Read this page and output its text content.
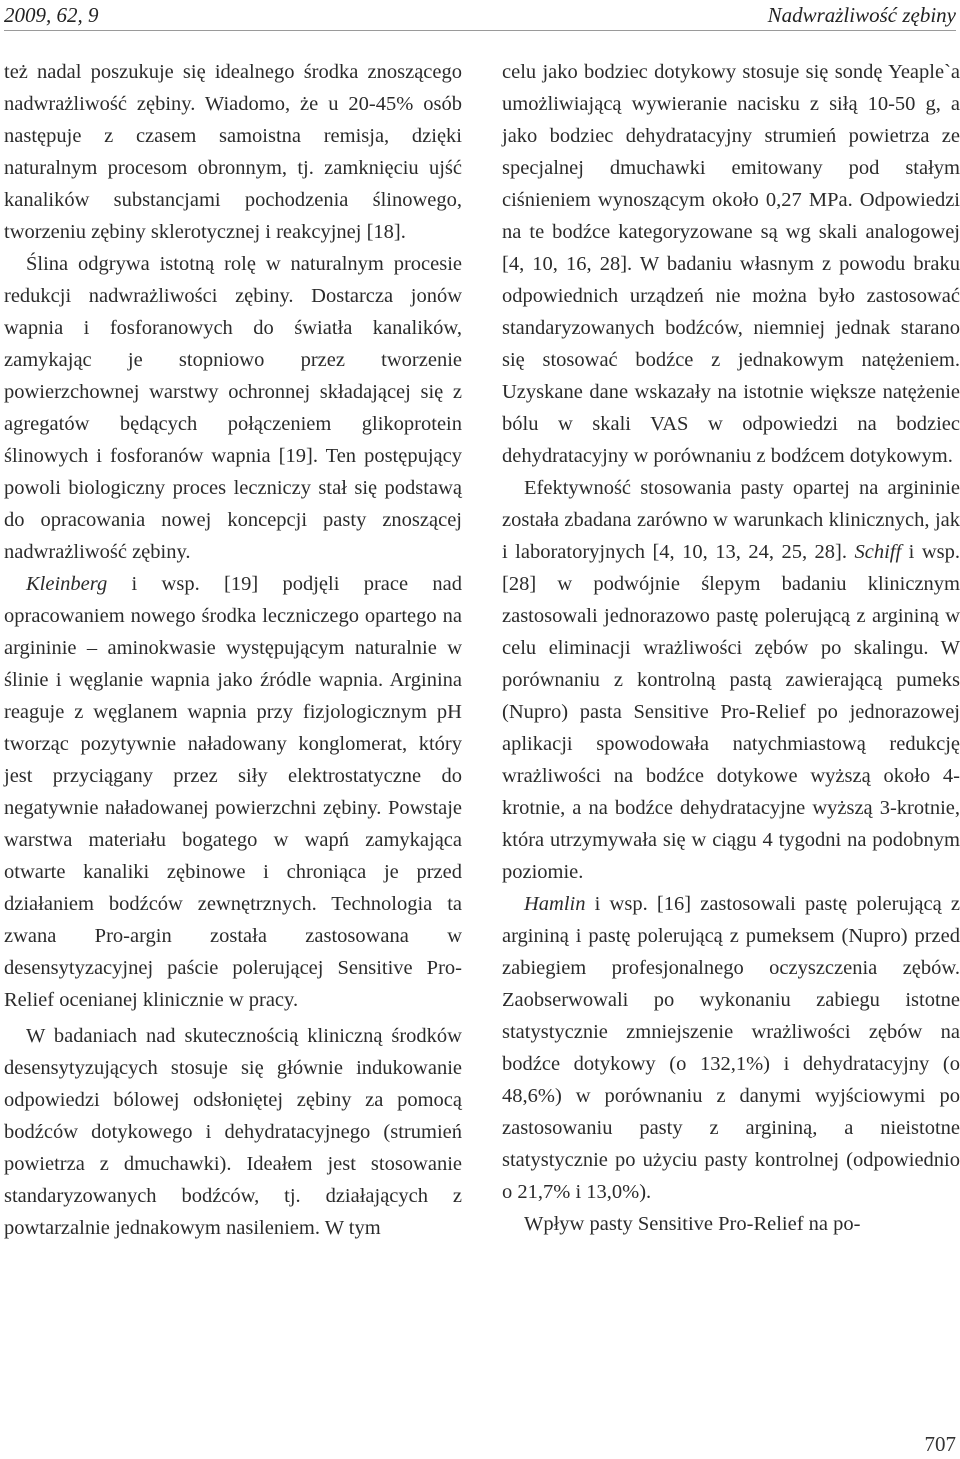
2009, 62, 9	Nadwrażliwość zębiny

też nadal poszukuje się idealnego środka znoszącego nadwrażliwość zębiny. Wiadomo, że u 20-45% osób następuje z czasem samoistna remisja, dzięki naturalnym procesom obronnym, tj. zamknięciu ujść kanalików substancjami pochodzenia ślinowego, tworzeniu zębiny sklerotycznej i reakcyjnej [18].

Ślina odgrywa istotną rolę w naturalnym procesie redukcji nadwrażliwości zębiny. Dostarcza jonów wapnia i fosforanowych do światła kanalików, zamykając je stopniowo przez tworzenie powierzchownej warstwy ochronnej składającej się z agregatów będących połączeniem glikoprotein ślinowych i fosforanów wapnia [19]. Ten postępujący powoli biologiczny proces leczniczy stał się podstawą do opracowania nowej koncepcji pasty znoszącej nadwrażliwość zębiny.

Kleinberg i wsp. [19] podjęli prace nad opracowaniem nowego środka leczniczego opartego na argininie – aminokwasie występującym naturalnie w ślinie i węglanie wapnia jako źródle wapnia. Arginina reaguje z węglanem wapnia przy fizjologicznym pH tworząc pozytywnie naładowany konglomerat, który jest przyciągany przez siły elektrostatyczne do negatywnie naładowanej powierzchni zębiny. Powstaje warstwa materiału bogatego w wapń zamykająca otwarte kanaliki zębinowe i chroniąca je przed działaniem bodźców zewnętrznych. Technologia ta zwana Pro-argin została zastosowana w desensytyzacyjnej paście polerującej Sensitive Pro-Relief ocenianej klinicznie w pracy.

W badaniach nad skutecznością kliniczną środków desensytyzujących stosuje się głównie indukowanie odpowiedzi bólowej odsłoniętej zębiny za pomocą bodźców dotykowego i dehydratacyjnego (strumień powietrza z dmuchawki). Ideałem jest stosowanie standaryzowanych bodźców, tj. działających z powtarzalnie jednakowym nasileniem. W tym

celu jako bodziec dotykowy stosuje się sondę Yeaple`a umożliwiającą wywieranie nacisku z siłą 10-50 g, a jako bodziec dehydratacyjny strumień powietrza ze specjalnej dmuchawki emitowany pod stałym ciśnieniem wynoszącym około 0,27 MPa. Odpowiedzi na te bodźce kategoryzowane są wg skali analogowej [4, 10, 16, 28]. W badaniu własnym z powodu braku odpowiednich urządzeń nie można było zastosować standaryzowanych bodźców, niemniej jednak starano się stosować bodźce z jednakowym natężeniem. Uzyskane dane wskazały na istotnie większe natężenie bólu w skali VAS w odpowiedzi na bodziec dehydratacyjny w porównaniu z bodźcem dotykowym.

Efektywność stosowania pasty opartej na argininie została zbadana zarówno w warunkach klinicznych, jak i laboratoryjnych [4, 10, 13, 24, 25, 28]. Schiff i wsp. [28] w podwójnie ślepym badaniu klinicznym zastosowali jednorazowo pastę polerującą z argininą w celu eliminacji wrażliwości zębów po skalingu. W porównaniu z kontrolną pastą zawierającą pumeks (Nupro) pasta Sensitive Pro-Relief po jednorazowej aplikacji spowodowała natychmiastową redukcję wrażliwości na bodźce dotykowe wyższą około 4-krotnie, a na bodźce dehydratacyjne wyższą 3-krotnie, która utrzymywała się w ciągu 4 tygodni na podobnym poziomie.

Hamlin i wsp. [16] zastosowali pastę polerującą z argininą i pastę polerującą z pumeksem (Nupro) przed zabiegiem profesjonalnego oczyszczenia zębów. Zaobserwowali po wykonaniu zabiegu istotne statystycznie zmniejszenie wrażliwości zębów na bodźce dotykowy (o 132,1%) i dehydratacyjny (o 48,6%) w porównaniu z danymi wyjściowymi po zastosowaniu pasty z argininą, a nieistotne statystycznie po użyciu pasty kontrolnej (odpowiednio o 21,7% i 13,0%).

Wpływ pasty Sensitive Pro-Relief na po-

707
